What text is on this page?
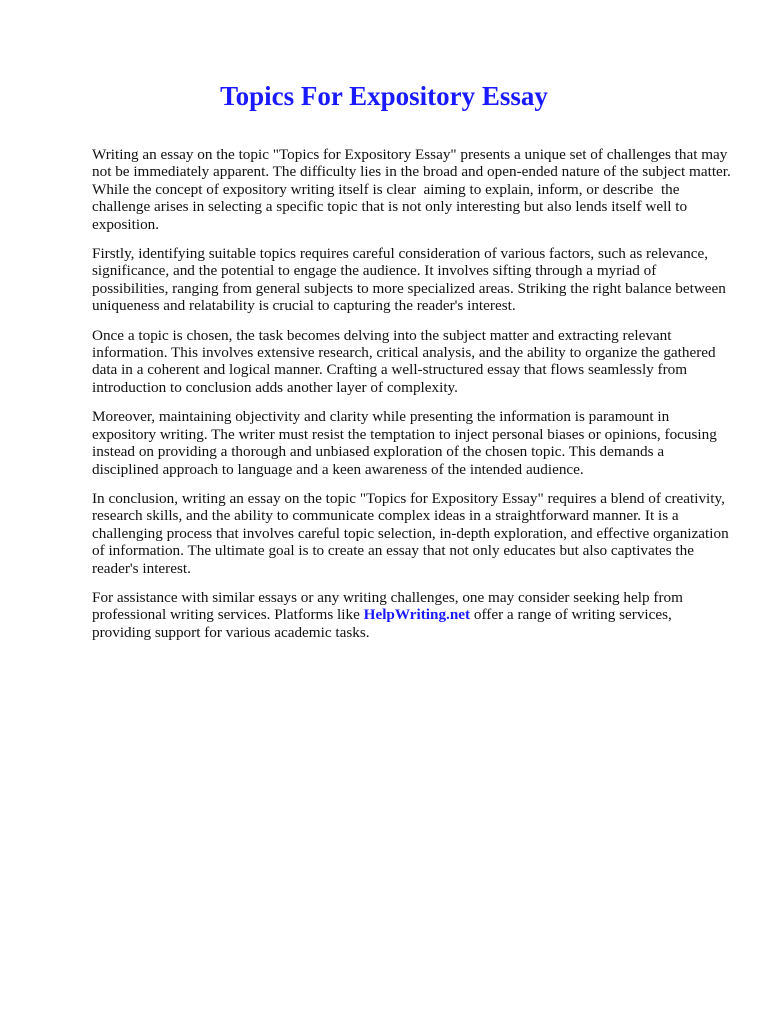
Topics For Expository Essay

Writing an essay on the topic "Topics for Expository Essay" presents a unique set of challenges that may not be immediately apparent. The difficulty lies in the broad and open-ended nature of the subject matter. While the concept of expository writing itself is clear  aiming to explain, inform, or describe  the challenge arises in selecting a specific topic that is not only interesting but also lends itself well to exposition.

Firstly, identifying suitable topics requires careful consideration of various factors, such as relevance, significance, and the potential to engage the audience. It involves sifting through a myriad of possibilities, ranging from general subjects to more specialized areas. Striking the right balance between uniqueness and relatability is crucial to capturing the reader's interest.

Once a topic is chosen, the task becomes delving into the subject matter and extracting relevant information. This involves extensive research, critical analysis, and the ability to organize the gathered data in a coherent and logical manner. Crafting a well-structured essay that flows seamlessly from introduction to conclusion adds another layer of complexity.

Moreover, maintaining objectivity and clarity while presenting the information is paramount in expository writing. The writer must resist the temptation to inject personal biases or opinions, focusing instead on providing a thorough and unbiased exploration of the chosen topic. This demands a disciplined approach to language and a keen awareness of the intended audience.

In conclusion, writing an essay on the topic "Topics for Expository Essay" requires a blend of creativity, research skills, and the ability to communicate complex ideas in a straightforward manner. It is a challenging process that involves careful topic selection, in-depth exploration, and effective organization of information. The ultimate goal is to create an essay that not only educates but also captivates the reader's interest.

For assistance with similar essays or any writing challenges, one may consider seeking help from professional writing services. Platforms like HelpWriting.net offer a range of writing services, providing support for various academic tasks.
